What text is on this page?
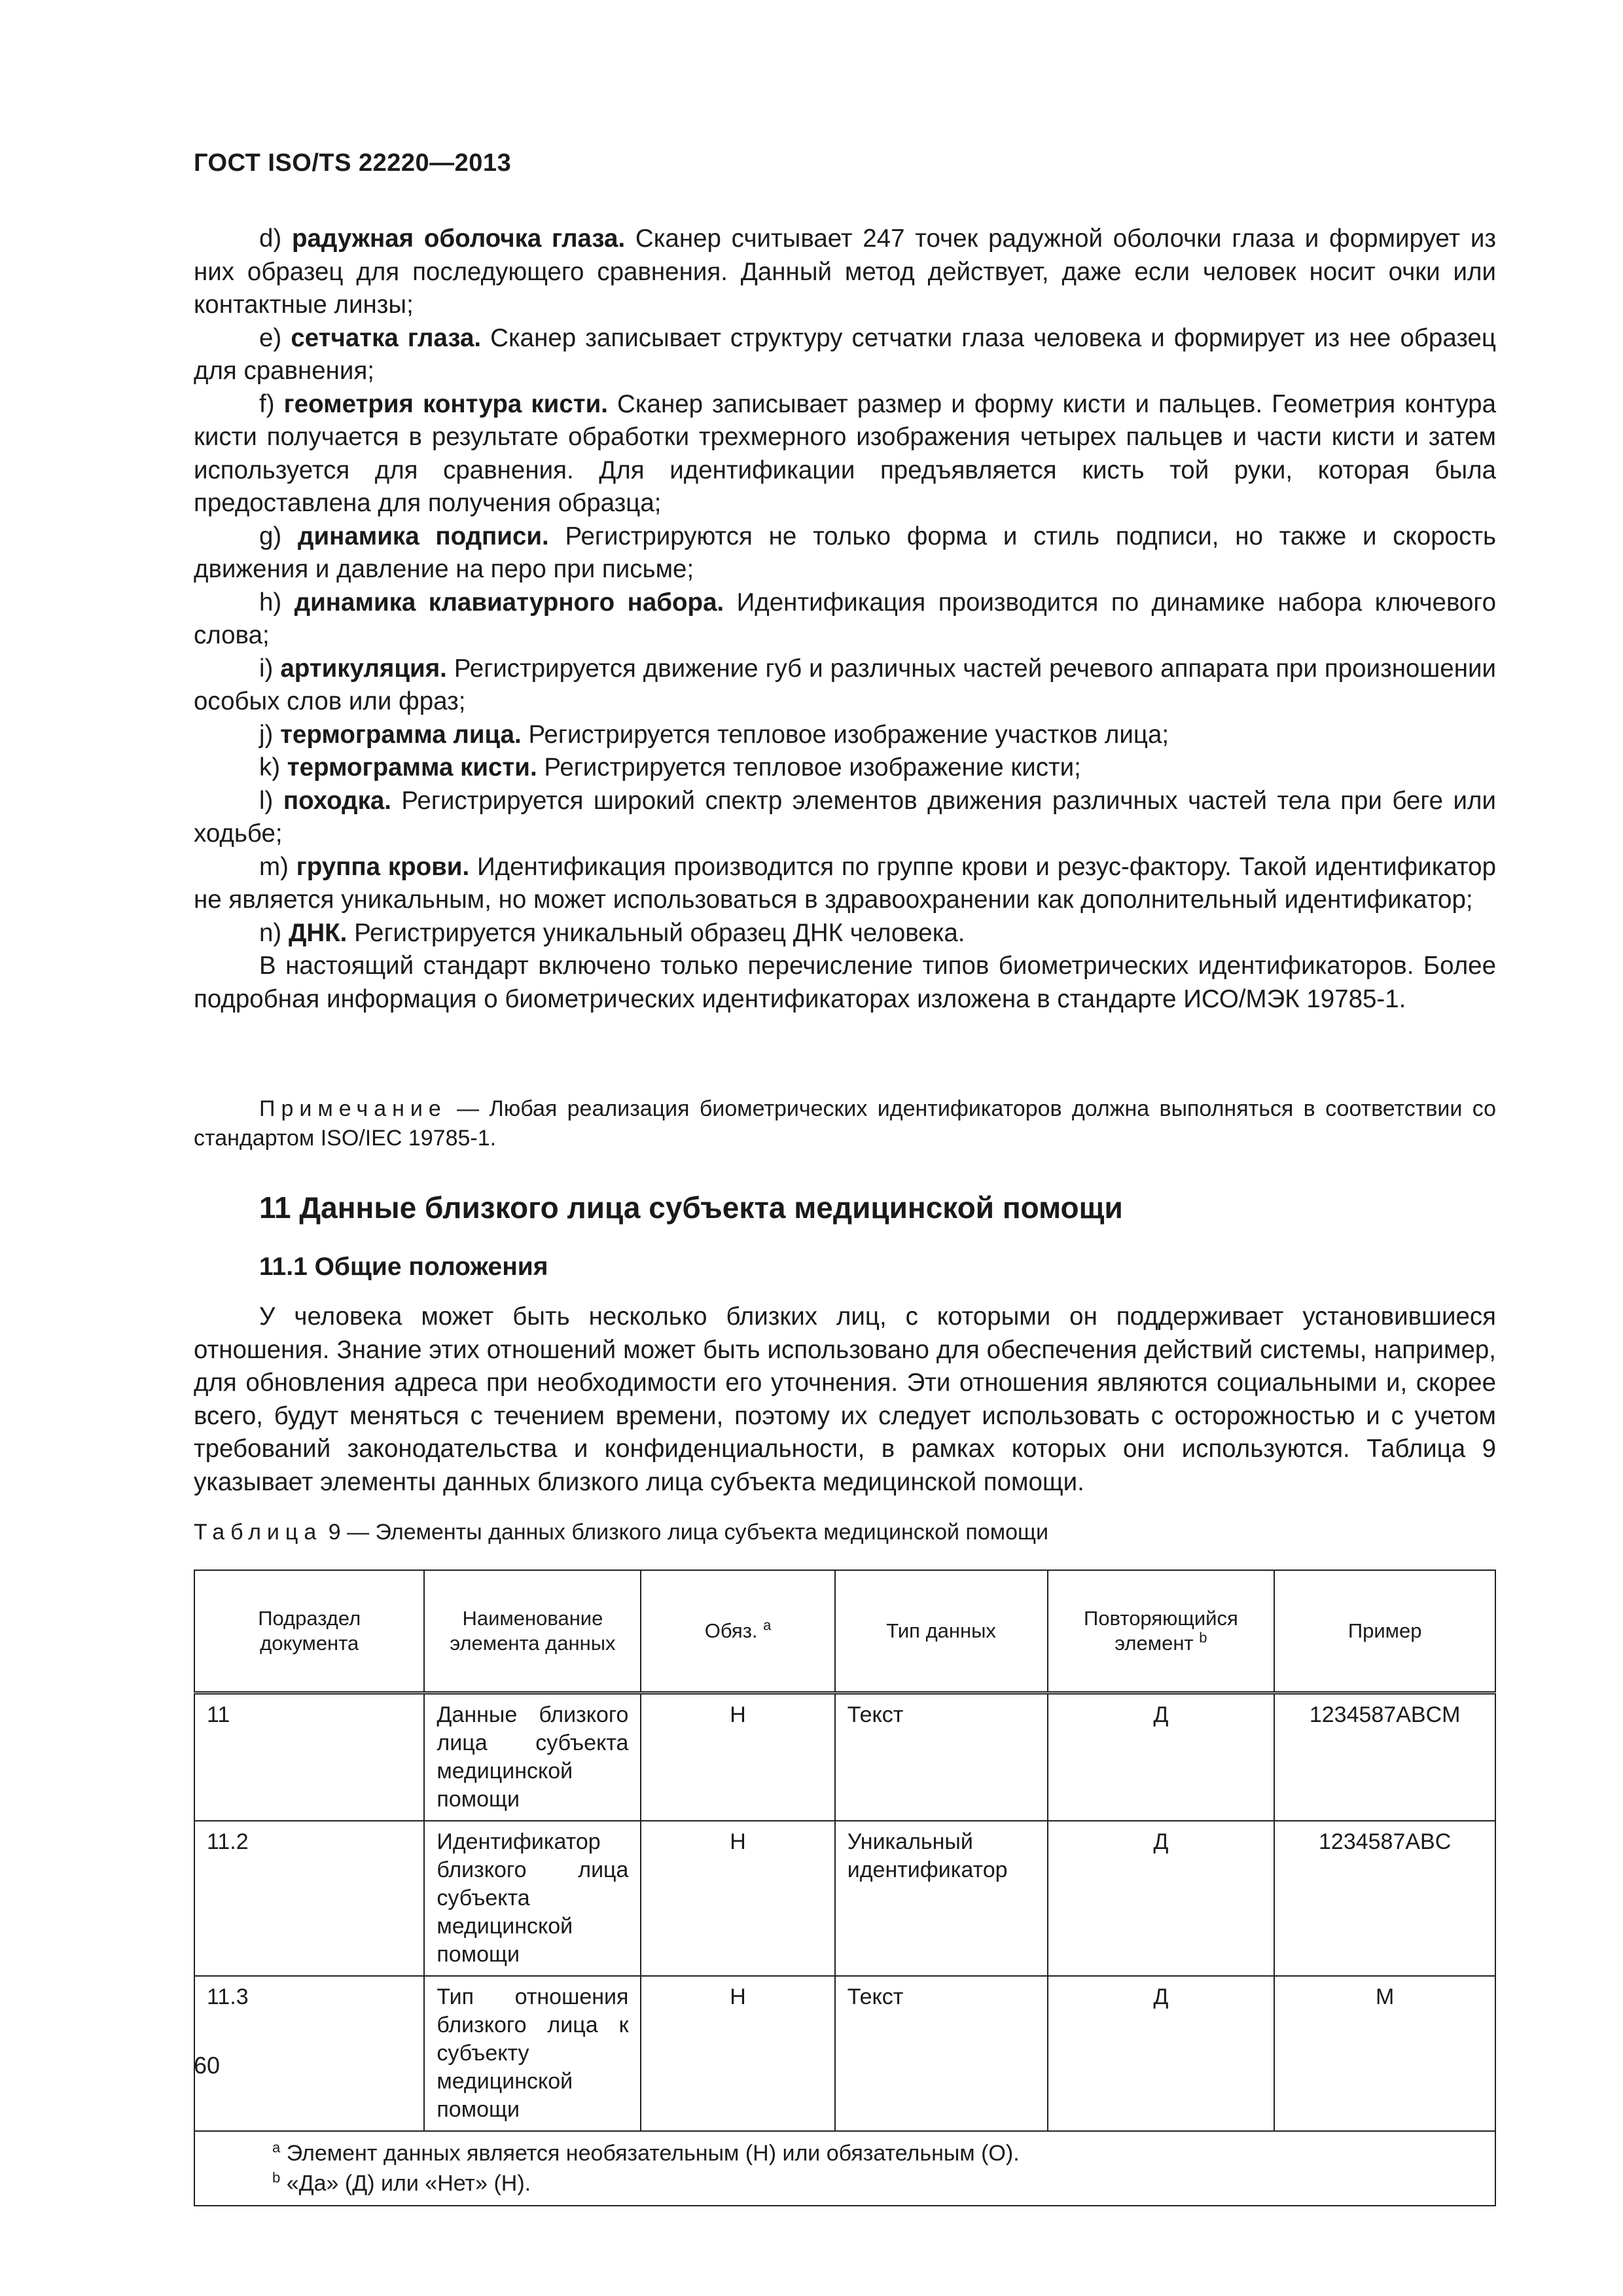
ГОСТ ISO/TS 22220—2013

d) радужная оболочка глаза. Сканер считывает 247 точек радужной оболочки глаза и формирует из них образец для последующего сравнения. Данный метод действует, даже если человек носит очки или контактные линзы;

e) сетчатка глаза. Сканер записывает структуру сетчатки глаза человека и формирует из нее образец для сравнения;

f) геометрия контура кисти. Сканер записывает размер и форму кисти и пальцев. Геометрия контура кисти получается в результате обработки трехмерного изображения четырех пальцев и части кисти и затем используется для сравнения. Для идентификации предъявляется кисть той руки, которая была предоставлена для получения образца;

g) динамика подписи. Регистрируются не только форма и стиль подписи, но также и скорость движения и давление на перо при письме;

h) динамика клавиатурного набора. Идентификация производится по динамике набора ключевого слова;

i) артикуляция. Регистрируется движение губ и различных частей речевого аппарата при произношении особых слов или фраз;

j) термограмма лица. Регистрируется тепловое изображение участков лица;

k) термограмма кисти. Регистрируется тепловое изображение кисти;

l) походка. Регистрируется широкий спектр элементов движения различных частей тела при беге или ходьбе;

m) группа крови. Идентификация производится по группе крови и резус-фактору. Такой идентификатор не является уникальным, но может использоваться в здравоохранении как дополнительный идентификатор;

n) ДНК. Регистрируется уникальный образец ДНК человека.

В настоящий стандарт включено только перечисление типов биометрических идентификаторов. Более подробная информация о биометрических идентификаторах изложена в стандарте ИСО/МЭК 19785-1.

Примечание — Любая реализация биометрических идентификаторов должна выполняться в соответствии со стандартом ISO/IEC 19785-1.

11 Данные близкого лица субъекта медицинской помощи
11.1 Общие положения

У человека может быть несколько близких лиц, с которыми он поддерживает установившиеся отношения. Знание этих отношений может быть использовано для обеспечения действий системы, например, для обновления адреса при необходимости его уточнения. Эти отношения являются социальными и, скорее всего, будут меняться с течением времени, поэтому их следует использовать с осторожностью и с учетом требований законодательства и конфиденциальности, в рамках которых они используются. Таблица 9 указывает элементы данных близкого лица субъекта медицинской помощи.

Таблица 9 — Элементы данных близкого лица субъекта медицинской помощи
Подраздел документа	Наименование элемента данных	Обяз. $^a$	Тип данных	Повторяющийся элемент $^b$	Пример
11	Данные близкого лица субъекта медицинской помощи	Н	Текст	Д	1234587ABCM
11.2	Идентификатор близкого лица субъекта медицинской помощи	Н	Уникальный идентификатор	Д	1234587ABC
11.3	Тип отношения близкого лица к субъекту медицинской помощи	Н	Текст	Д	М

$^a$ Элемент данных является необязательным (Н) или обязательным (О).
$^b$ «Да» (Д) или «Нет» (Н).					
60
